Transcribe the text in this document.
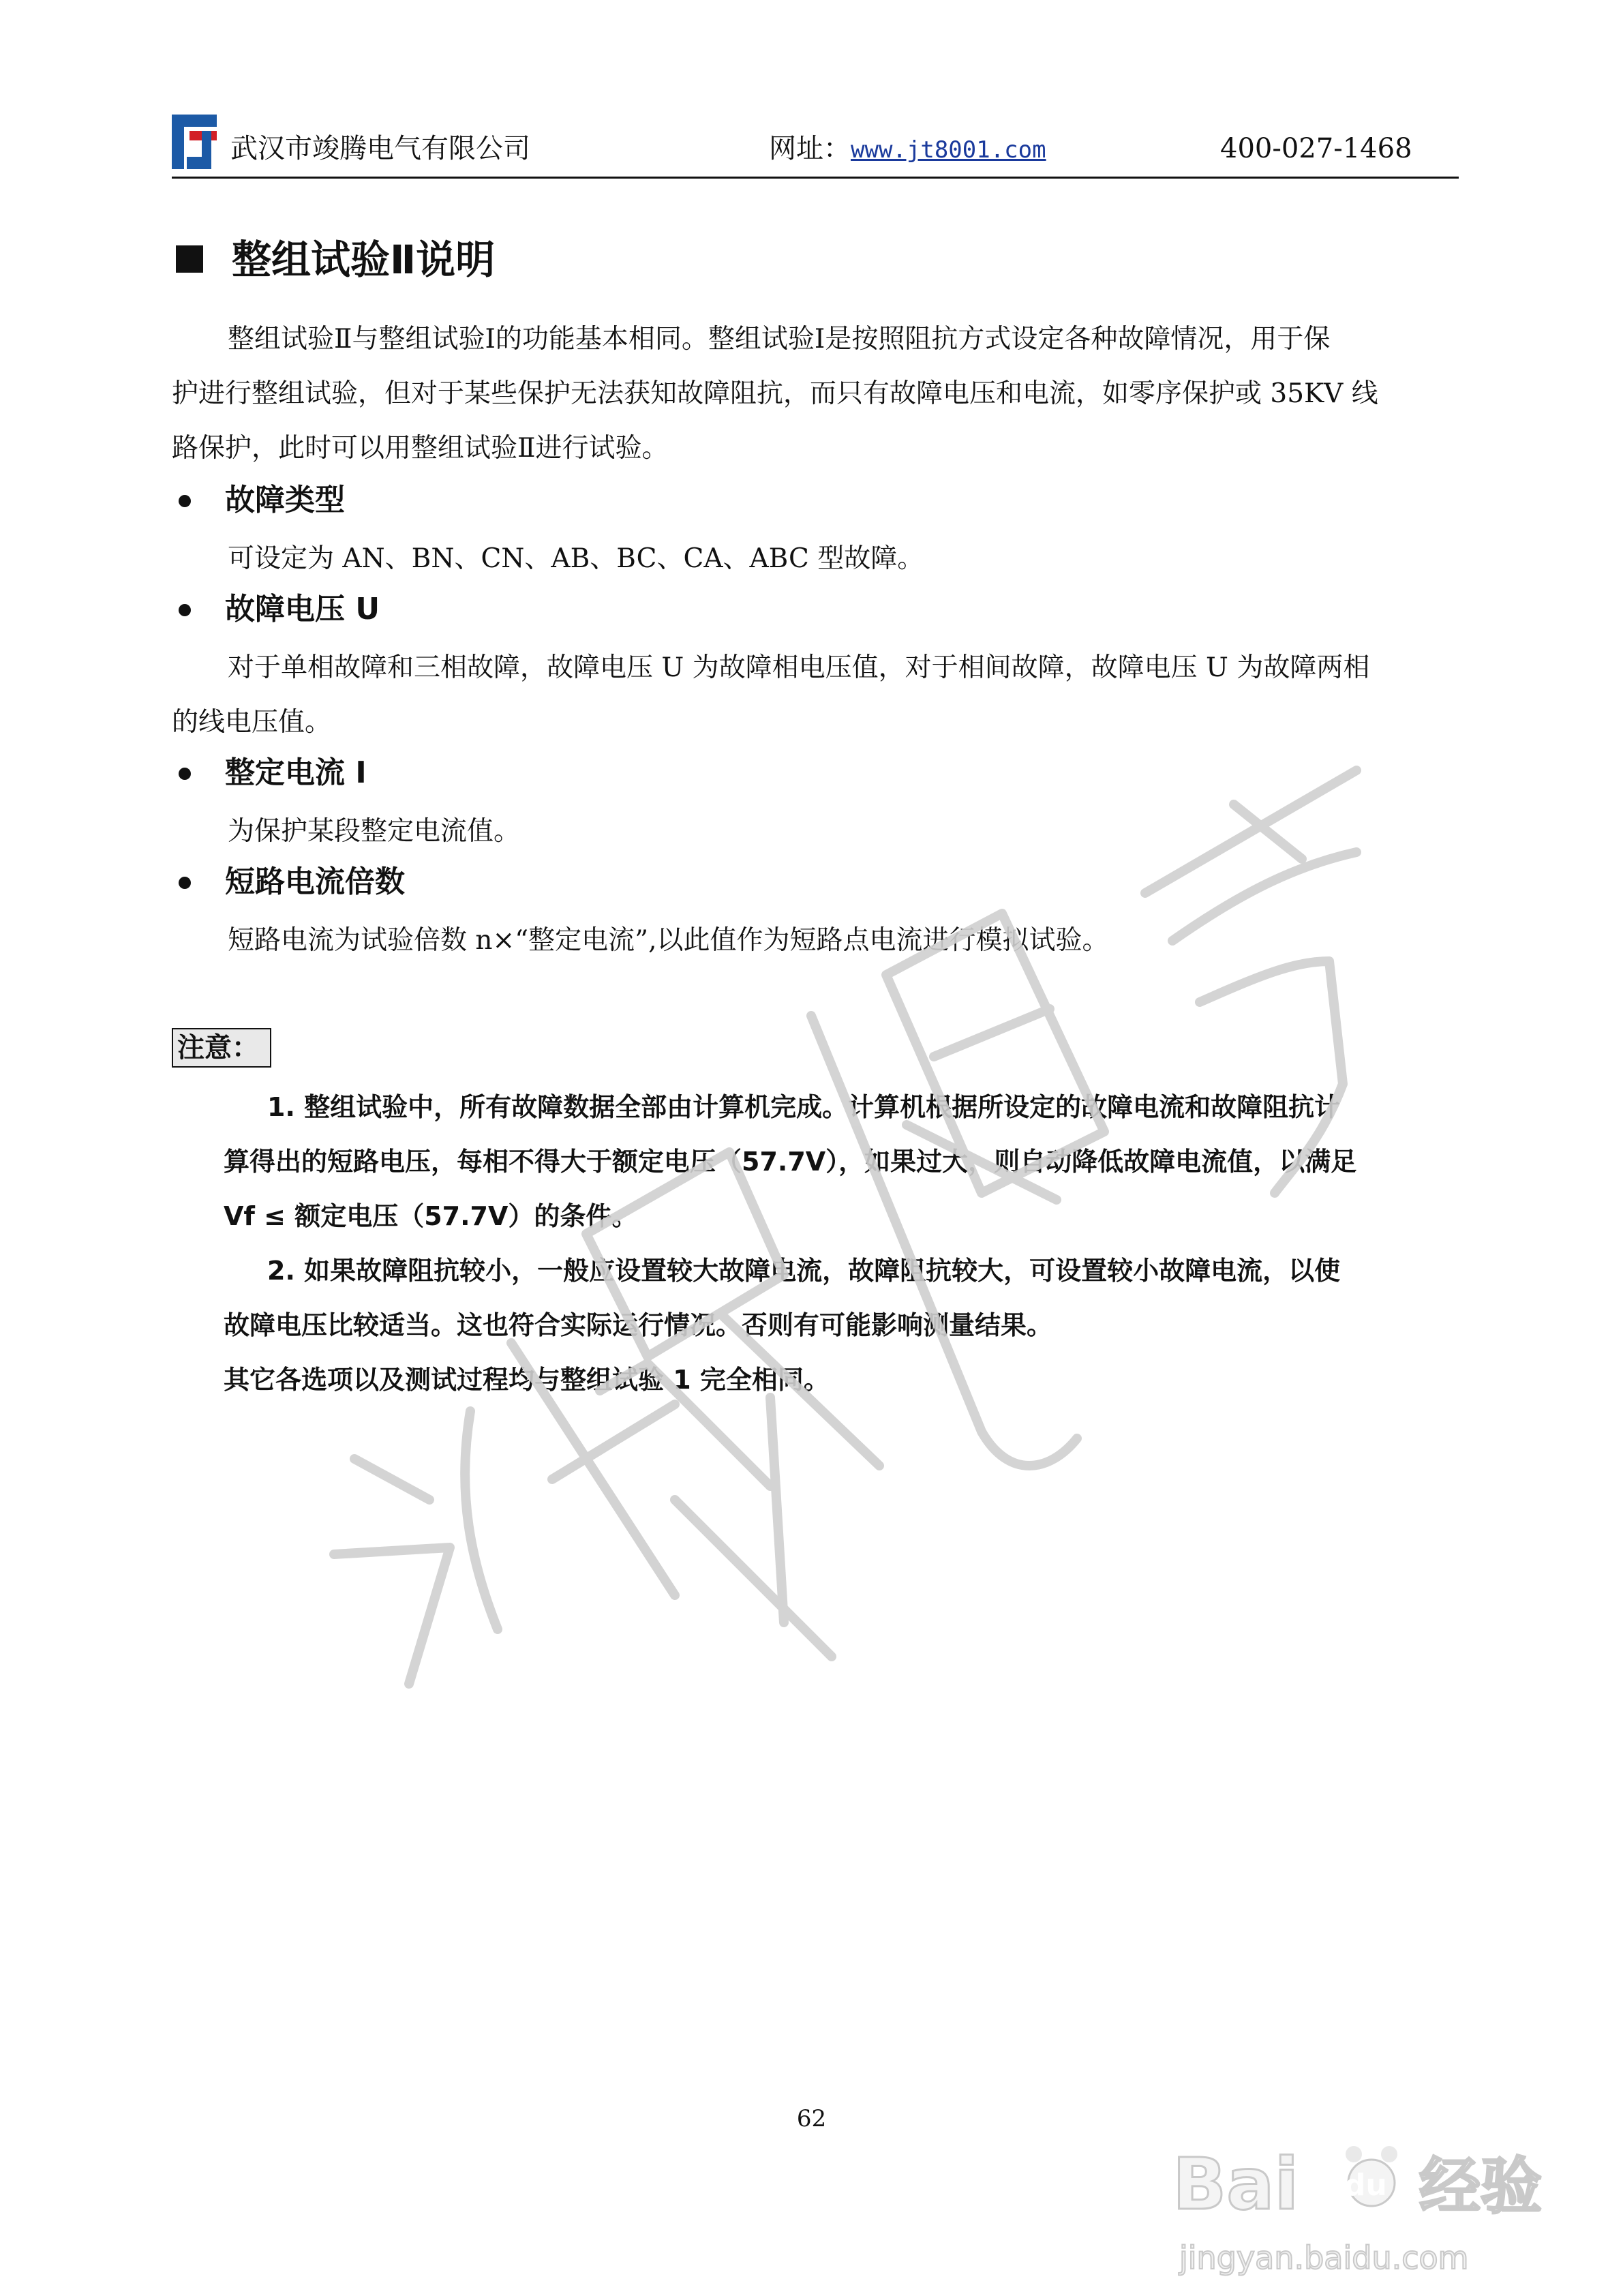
武汉市竣腾电气有限公司	网址：www.jt8001.com	400-027-1468
整组试验Ⅱ说明
整组试验Ⅱ与整组试验Ⅰ的功能基本相同。整组试验Ⅰ是按照阻抗方式设定各种故障情况，用于保
护进行整组试验，但对于某些保护无法获知故障阻抗，而只有故障电压和电流，如零序保护或 35KV 线
路保护，此时可以用整组试验Ⅱ进行试验。
故障类型
可设定为 AN、BN、CN、AB、BC、CA、ABC 型故障。
故障电压 U
对于单相故障和三相故障，故障电压 U 为故障相电压值，对于相间故障，故障电压 U 为故障两相
的线电压值。
整定电流 I
为保护某段整定电流值。
短路电流倍数
短路电流为试验倍数 n×“整定电流”,以此值作为短路点电流进行模拟试验。
注意：
1. 整组试验中，所有故障数据全部由计算机完成。计算机根据所设定的故障电流和故障阻抗计
算得出的短路电压，每相不得大于额定电压（57.7V），如果过大，则自动降低故障电流值，以满足
Vf ≤ 额定电压（57.7V）的条件。
2. 如果故障阻抗较小，一般应设置较大故障电流，故障阻抗较大，可设置较小故障电流，以使
故障电压比较适当。这也符合实际运行情况。否则有可能影响测量结果。
其它各选项以及测试过程均与整组试验 1 完全相同。
62
Bai du 经验
jingyan.baidu.com
